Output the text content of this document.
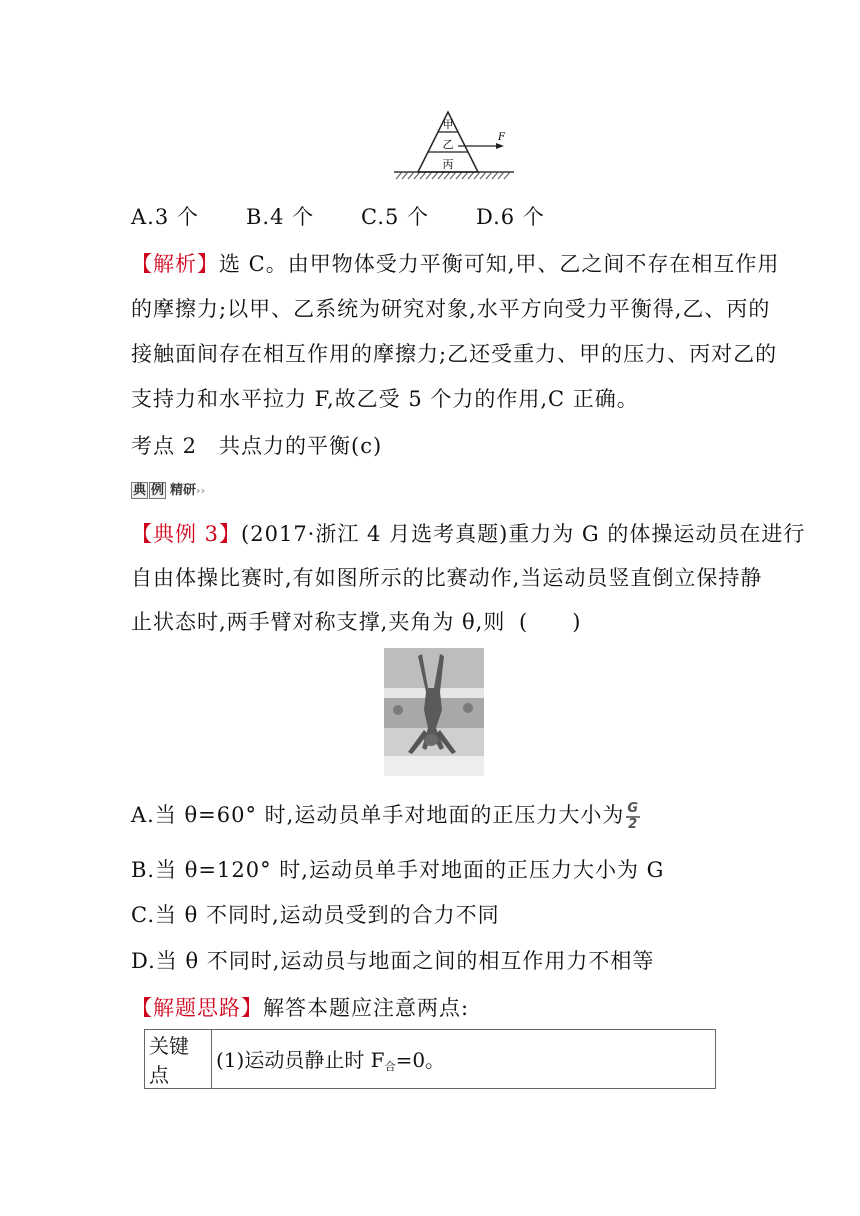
甲
乙
丙
F
A.3 个 B.4 个 C.5 个 D.6 个
【解析】选 C。由甲物体受力平衡可知,甲、乙之间不存在相互作用
的摩擦力;以甲、乙系统为研究对象,水平方向受力平衡得,乙、丙的
接触面间存在相互作用的摩擦力;乙还受重力、甲的压力、丙对乙的
支持力和水平拉力 F,故乙受 5 个力的作用,C 正确。
考点 2　共点力的平衡(c)
典 例 精研››
【典例 3】(2017·浙江 4 月选考真题)重力为 G 的体操运动员在进行
自由体操比赛时,有如图所示的比赛动作,当运动员竖直倒立保持静
止状态时,两手臂对称支撑,夹角为 θ,则 (　　)
A.当 θ=60° 时,运动员单手对地面的正压力大小为 $\frac{G}{2}$
B.当 θ=120° 时,运动员单手对地面的正压力大小为 G
C.当 θ 不同时,运动员受到的合力不同
D.当 θ 不同时,运动员与地面之间的相互作用力不相等
【解题思路】解答本题应注意两点:
关键点	(1)运动员静止时 $F_合=0$。
